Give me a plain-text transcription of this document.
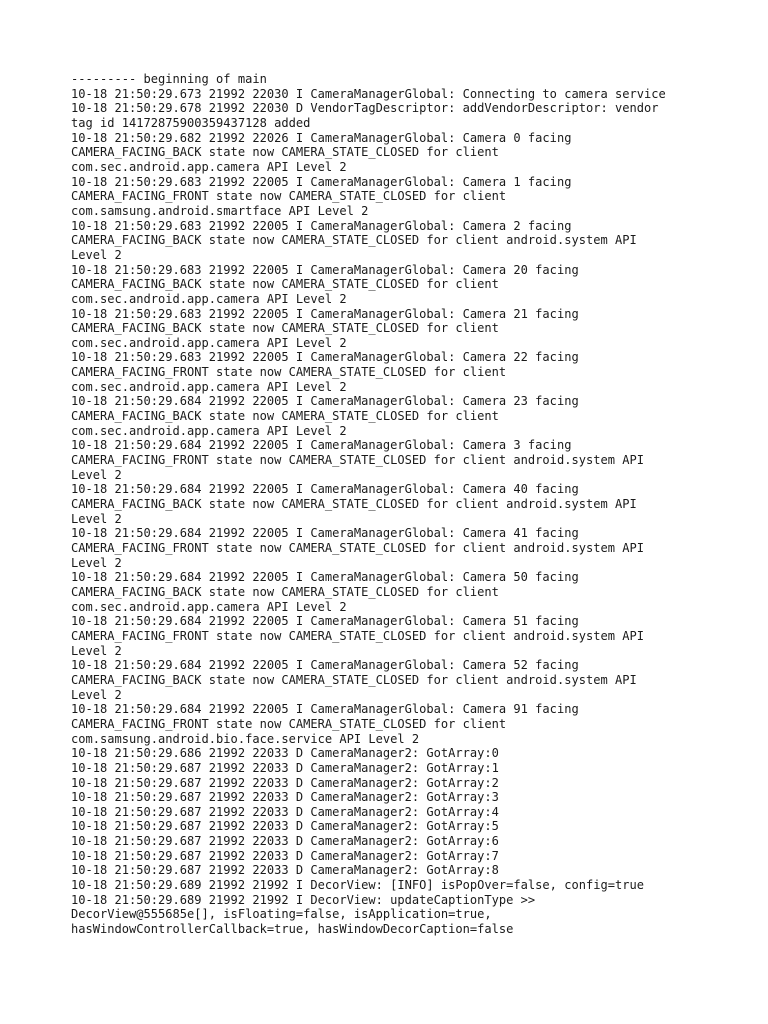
--------- beginning of main
10-18 21:50:29.673 21992 22030 I CameraManagerGlobal: Connecting to camera service
10-18 21:50:29.678 21992 22030 D VendorTagDescriptor: addVendorDescriptor: vendor
tag id 14172875900359437128 added
10-18 21:50:29.682 21992 22026 I CameraManagerGlobal: Camera 0 facing
CAMERA_FACING_BACK state now CAMERA_STATE_CLOSED for client
com.sec.android.app.camera API Level 2
10-18 21:50:29.683 21992 22005 I CameraManagerGlobal: Camera 1 facing
CAMERA_FACING_FRONT state now CAMERA_STATE_CLOSED for client
com.samsung.android.smartface API Level 2
10-18 21:50:29.683 21992 22005 I CameraManagerGlobal: Camera 2 facing
CAMERA_FACING_BACK state now CAMERA_STATE_CLOSED for client android.system API
Level 2
10-18 21:50:29.683 21992 22005 I CameraManagerGlobal: Camera 20 facing
CAMERA_FACING_BACK state now CAMERA_STATE_CLOSED for client
com.sec.android.app.camera API Level 2
10-18 21:50:29.683 21992 22005 I CameraManagerGlobal: Camera 21 facing
CAMERA_FACING_BACK state now CAMERA_STATE_CLOSED for client
com.sec.android.app.camera API Level 2
10-18 21:50:29.683 21992 22005 I CameraManagerGlobal: Camera 22 facing
CAMERA_FACING_FRONT state now CAMERA_STATE_CLOSED for client
com.sec.android.app.camera API Level 2
10-18 21:50:29.684 21992 22005 I CameraManagerGlobal: Camera 23 facing
CAMERA_FACING_BACK state now CAMERA_STATE_CLOSED for client
com.sec.android.app.camera API Level 2
10-18 21:50:29.684 21992 22005 I CameraManagerGlobal: Camera 3 facing
CAMERA_FACING_FRONT state now CAMERA_STATE_CLOSED for client android.system API
Level 2
10-18 21:50:29.684 21992 22005 I CameraManagerGlobal: Camera 40 facing
CAMERA_FACING_BACK state now CAMERA_STATE_CLOSED for client android.system API
Level 2
10-18 21:50:29.684 21992 22005 I CameraManagerGlobal: Camera 41 facing
CAMERA_FACING_FRONT state now CAMERA_STATE_CLOSED for client android.system API
Level 2
10-18 21:50:29.684 21992 22005 I CameraManagerGlobal: Camera 50 facing
CAMERA_FACING_BACK state now CAMERA_STATE_CLOSED for client
com.sec.android.app.camera API Level 2
10-18 21:50:29.684 21992 22005 I CameraManagerGlobal: Camera 51 facing
CAMERA_FACING_FRONT state now CAMERA_STATE_CLOSED for client android.system API
Level 2
10-18 21:50:29.684 21992 22005 I CameraManagerGlobal: Camera 52 facing
CAMERA_FACING_BACK state now CAMERA_STATE_CLOSED for client android.system API
Level 2
10-18 21:50:29.684 21992 22005 I CameraManagerGlobal: Camera 91 facing
CAMERA_FACING_FRONT state now CAMERA_STATE_CLOSED for client
com.samsung.android.bio.face.service API Level 2
10-18 21:50:29.686 21992 22033 D CameraManager2: GotArray:0
10-18 21:50:29.687 21992 22033 D CameraManager2: GotArray:1
10-18 21:50:29.687 21992 22033 D CameraManager2: GotArray:2
10-18 21:50:29.687 21992 22033 D CameraManager2: GotArray:3
10-18 21:50:29.687 21992 22033 D CameraManager2: GotArray:4
10-18 21:50:29.687 21992 22033 D CameraManager2: GotArray:5
10-18 21:50:29.687 21992 22033 D CameraManager2: GotArray:6
10-18 21:50:29.687 21992 22033 D CameraManager2: GotArray:7
10-18 21:50:29.687 21992 22033 D CameraManager2: GotArray:8
10-18 21:50:29.689 21992 21992 I DecorView: [INFO] isPopOver=false, config=true
10-18 21:50:29.689 21992 21992 I DecorView: updateCaptionType >>
DecorView@555685e[], isFloating=false, isApplication=true,
hasWindowControllerCallback=true, hasWindowDecorCaption=false
